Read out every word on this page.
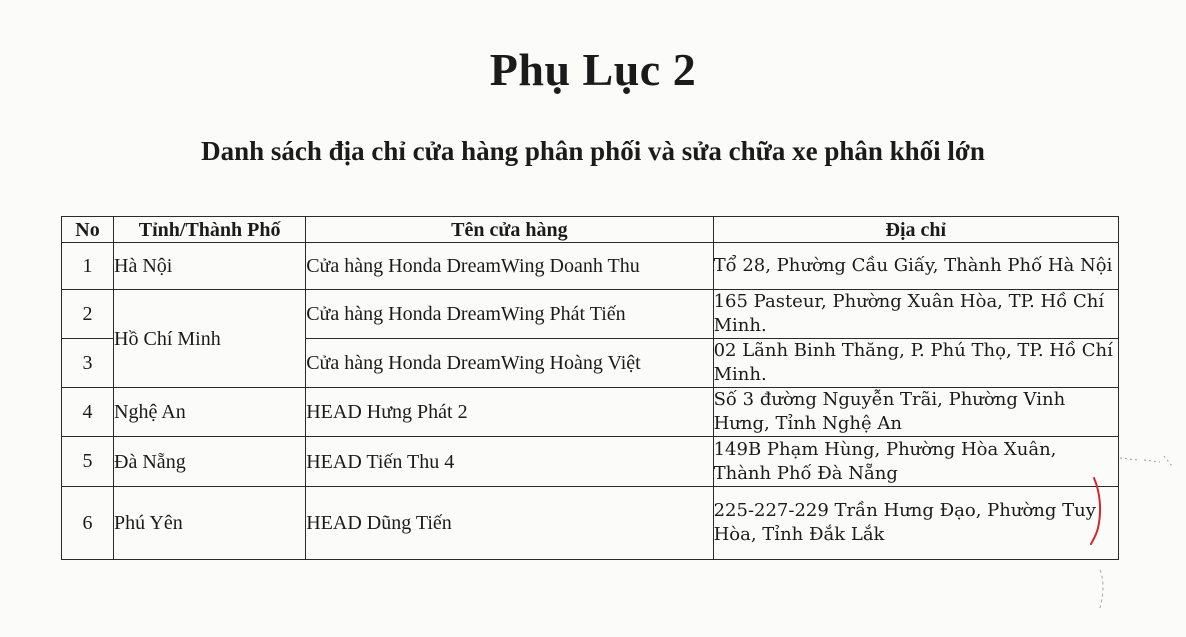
Phụ Lục 2
Danh sách địa chỉ cửa hàng phân phối và sửa chữa xe phân khối lớn
No	Tỉnh/Thành Phố	Tên cửa hàng	Địa chỉ
1	Hà Nội	Cửa hàng Honda DreamWing Doanh Thu	Tổ 28, Phường Cầu Giấy, Thành Phố Hà Nội
2	Hồ Chí Minh	Cửa hàng Honda DreamWing Phát Tiến	165 Pasteur, Phường Xuân Hòa, TP. Hồ Chí Minh.
3		Cửa hàng Honda DreamWing Hoàng Việt	02 Lãnh Binh Thăng, P. Phú Thọ, TP. Hồ Chí Minh.
4	Nghệ An	HEAD Hưng Phát 2	Số 3 đường Nguyễn Trãi, Phường Vinh Hưng, Tỉnh Nghệ An
5	Đà Nẵng	HEAD Tiến Thu 4	149B Phạm Hùng, Phường Hòa Xuân, Thành Phố Đà Nẵng
6	Phú Yên	HEAD Dũng Tiến	225-227-229 Trần Hưng Đạo, Phường Tuy Hòa, Tỉnh Đắk Lắk
